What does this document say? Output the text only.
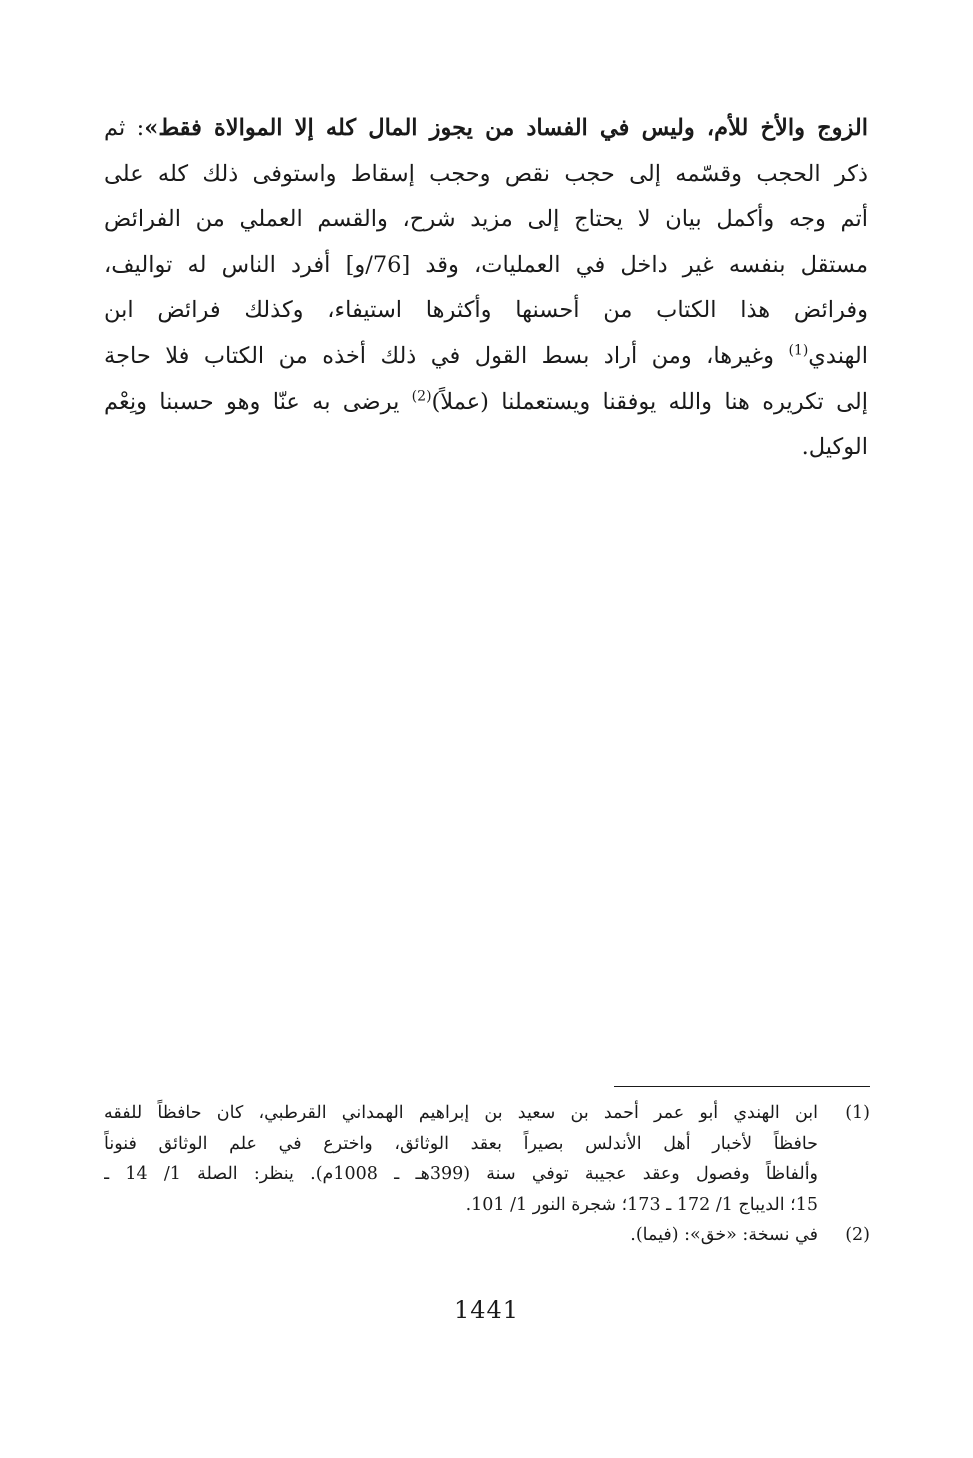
الزوج والأخ للأم، وليس في الفساد من يجوز المال كله إلا الموالاة فقط»: ثم
ذكر الحجب وقسّمه إلى حجب نقص وحجب إسقاط واستوفى ذلك كله على
أتم وجه وأكمل بيان لا يحتاج إلى مزيد شرح، والقسم العملي من الفرائض
مستقل بنفسه غير داخل في العمليات، وقد [76/و] أفرد الناس له تواليف،
وفرائض هذا الكتاب من أحسنها وأكثرها استيفاء، وكذلك فرائض ابن
الهندي$^{(1)}$ وغيرها، ومن أراد بسط القول في ذلك أخذه من الكتاب فلا حاجة
إلى تكريره هنا والله يوفقنا ويستعملنا (عملاً)$^{(2)}$ يرضى به عنّا وهو حسبنا ونِعْم
الوكيل.
(1)
ابن الهندي أبو عمر أحمد بن سعيد بن إبراهيم الهمداني القرطبي، كان حافظاً للفقه
حافظاً لأخبار أهل الأندلس بصيراً بعقد الوثائق، واخترع في علم الوثائق فنوناً
وألفاظاً وفصول وعقد عجيبة توفي سنة (399هـ ـ 1008م). ينظر: الصلة 1/ 14 ـ
15؛ الديباج 1/ 172 ـ 173؛ شجرة النور 1/ 101.
(2)
في نسخة: «خق»: (فيما).
1441
